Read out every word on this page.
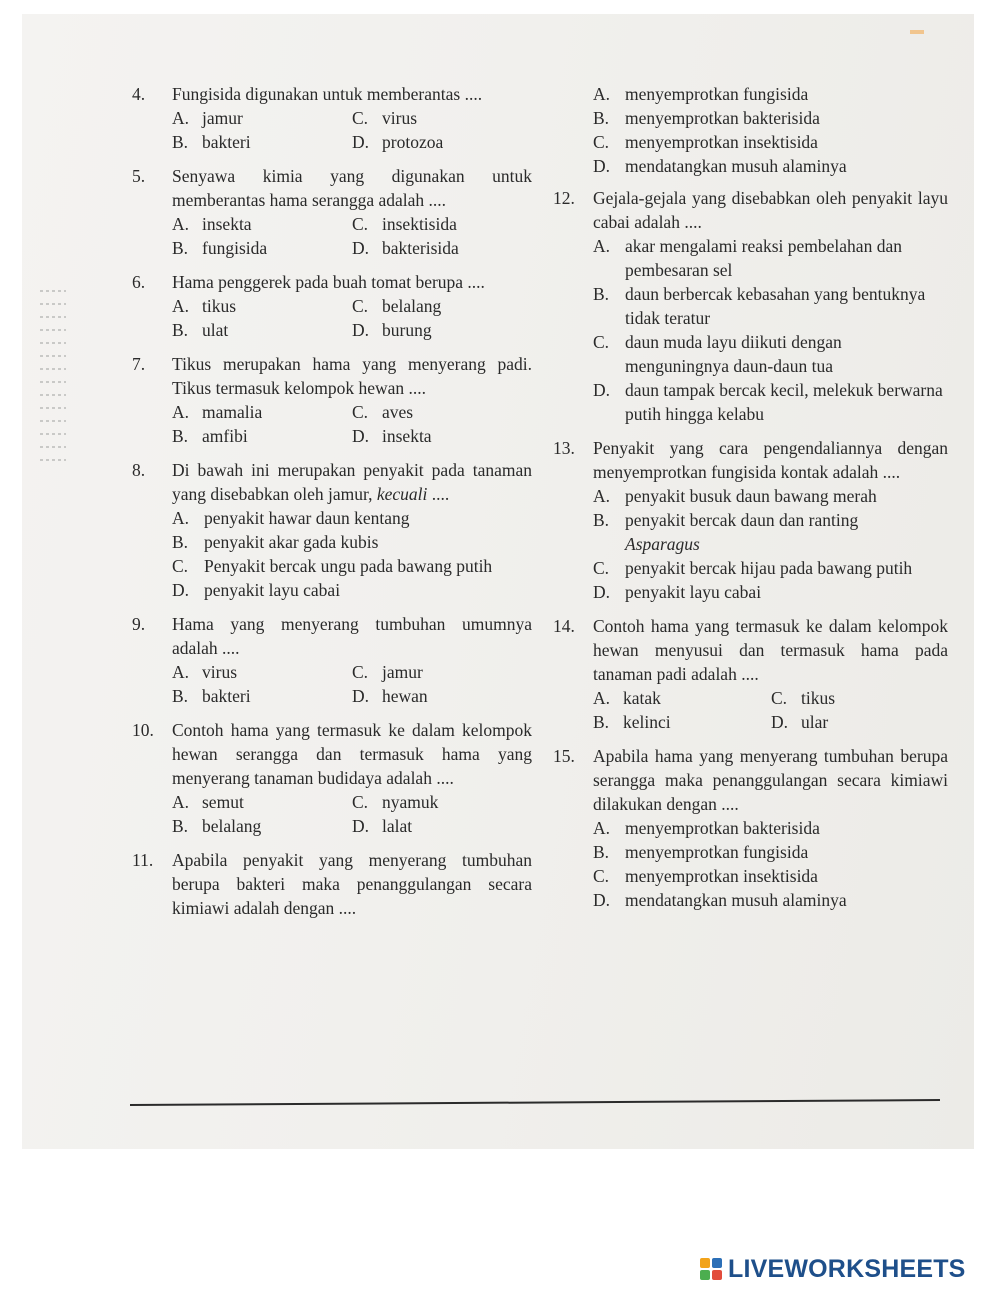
4. Fungisida digunakan untuk memberantas ....
A. jamur	C. virus
B. bakteri	D. protozoa
5. Senyawa kimia yang digunakan untuk memberantas hama serangga adalah ....
A. insekta	C. insektisida
B. fungisida	D. bakterisida
6. Hama penggerek pada buah tomat berupa ....
A. tikus	C. belalang
B. ulat	D. burung
7. Tikus merupakan hama yang menyerang padi. Tikus termasuk kelompok hewan ....
A. mamalia	C. aves
B. amfibi	D. insekta
8. Di bawah ini merupakan penyakit pada tanaman yang disebabkan oleh jamur, kecuali ....
A. penyakit hawar daun kentang
B. penyakit akar gada kubis
C. Penyakit bercak ungu pada bawang putih
D. penyakit layu cabai
9. Hama yang menyerang tumbuhan umumnya adalah ....
A. virus	C. jamur
B. bakteri	D. hewan
10. Contoh hama yang termasuk ke dalam kelompok hewan serangga dan termasuk hama yang menyerang tanaman budidaya adalah ....
A. semut	C. nyamuk
B. belalang	D. lalat
11. Apabila penyakit yang menyerang tumbuhan berupa bakteri maka penanggulangan secara kimiawi adalah dengan ....
A. menyemprotkan fungisida
B. menyemprotkan bakterisida
C. menyemprotkan insektisida
D. mendatangkan musuh alaminya
12. Gejala-gejala yang disebabkan oleh penyakit layu cabai adalah ....
A. akar mengalami reaksi pembelahan dan pembesaran sel
B. daun berbercak kebasahan yang bentuknya tidak teratur
C. daun muda layu diikuti dengan menguningnya daun-daun tua
D. daun tampak bercak kecil, melekuk berwarna putih hingga kelabu
13. Penyakit yang cara pengendaliannya dengan menyemprotkan fungisida kontak adalah ....
A. penyakit busuk daun bawang merah
B. penyakit bercak daun dan ranting
Asparagus
C. penyakit bercak hijau pada bawang putih
D. penyakit layu cabai
14. Contoh hama yang termasuk ke dalam kelompok hewan menyusui dan termasuk hama pada tanaman padi adalah ....
A. katak	C. tikus
B. kelinci	D. ular
15. Apabila hama yang menyerang tumbuhan berupa serangga maka penanggulangan secara kimiawi dilakukan dengan ....
A. menyemprotkan bakterisida
B. menyemprotkan fungisida
C. menyemprotkan insektisida
D. mendatangkan musuh alaminya
LIVEWORKSHEETS
